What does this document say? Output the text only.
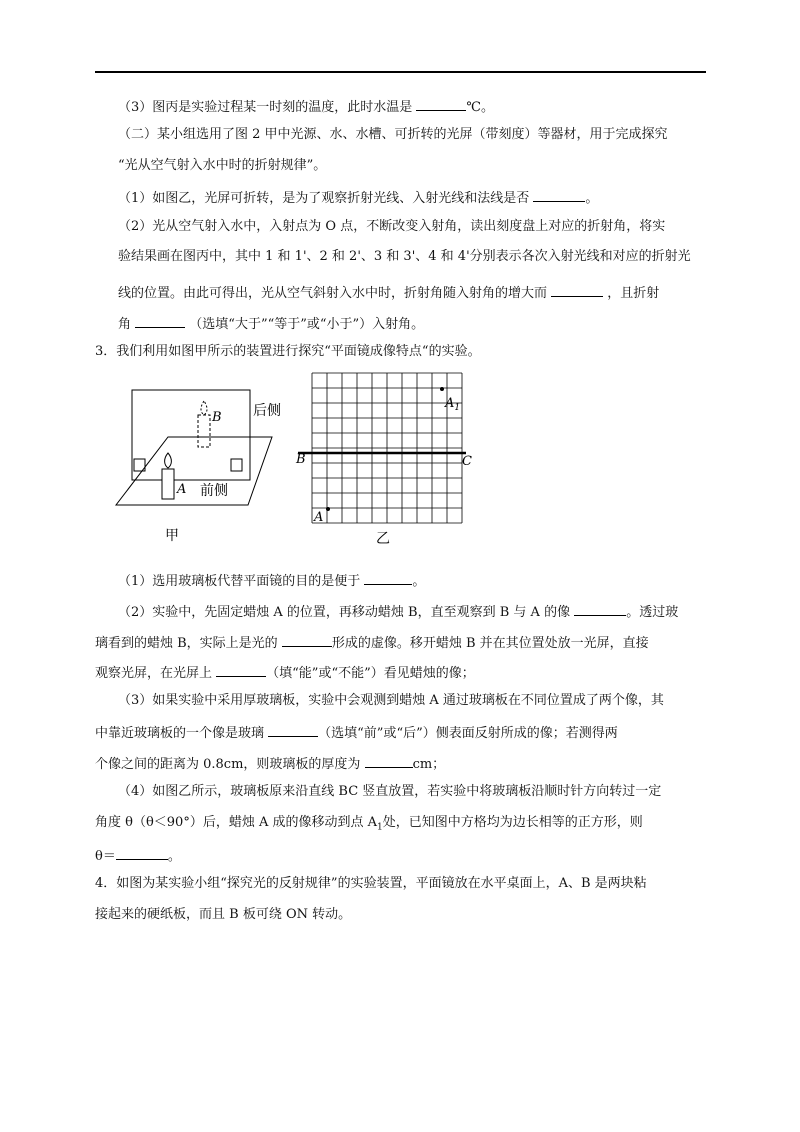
（3）图丙是实验过程某一时刻的温度，此时水温是	℃。
（二）某小组选用了图 2 甲中光源、水、水槽、可折转的光屏（带刻度）等器材，用于完成探究
“光从空气射入水中时的折射规律”。
（1）如图乙，光屏可折转，是为了观察折射光线、入射光线和法线是否	。
（2）光从空气射入水中，入射点为 O 点，不断改变入射角，读出刻度盘上对应的折射角，将实
验结果画在图丙中，其中 1 和 1'、2 和 2'、3 和 3'、4 和 4'分别表示各次入射光线和对应的折射光
线的位置。由此可得出，光从空气斜射入水中时，折射角随入射角的增大而	，且折射
角	（选填“大于”“等于”或“小于”）入射角。
3．我们利用如图甲所示的装置进行探究“平面镜成像特点“的实验。
B
A
后侧
前侧
甲
$A_1$
B	C
A
乙
（1）选用玻璃板代替平面镜的目的是便于	。
（2）实验中，先固定蜡烛 A 的位置，再移动蜡烛 B，直至观察到 B 与 A 的像	。透过玻
璃看到的蜡烛 B，实际上是光的	形成的虚像。移开蜡烛 B 并在其位置处放一光屏，直接
观察光屏，在光屏上	（填“能”或“不能”）看见蜡烛的像；
（3）如果实验中采用厚玻璃板，实验中会观测到蜡烛 A 通过玻璃板在不同位置成了两个像，其
中靠近玻璃板的一个像是玻璃	（选填“前”或“后”）侧表面反射所成的像；若测得两
个像之间的距离为 0.8cm，则玻璃板的厚度为	cm；
（4）如图乙所示，玻璃板原来沿直线 BC 竖直放置，若实验中将玻璃板沿顺时针方向转过一定
角度 θ（θ＜90°）后，蜡烛 A 成的像移动到点 $A_1$处，已知图中方格均为边长相等的正方形，则
θ＝	。
4．如图为某实验小组“探究光的反射规律”的实验装置，平面镜放在水平桌面上，A、B 是两块粘
接起来的硬纸板，而且 B 板可绕 ON 转动。
